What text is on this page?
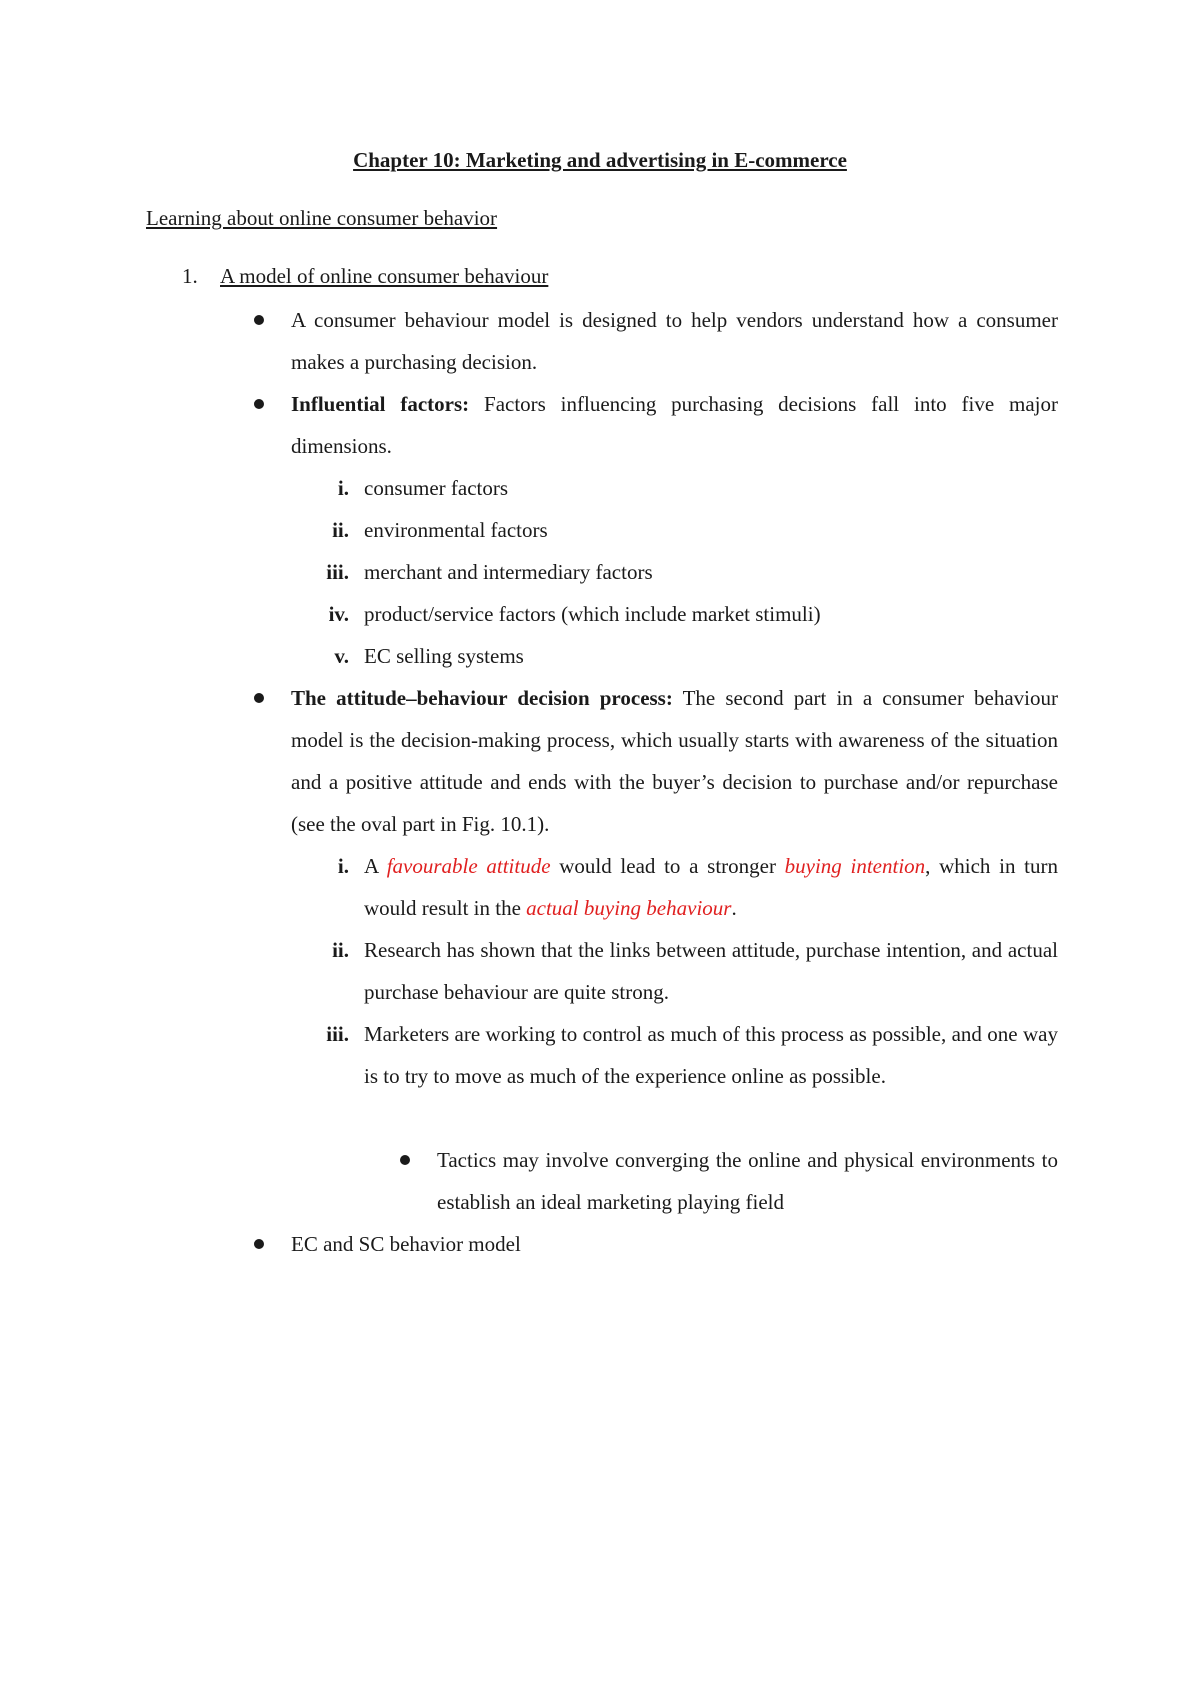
Chapter 10: Marketing and advertising in E-commerce
Learning about online consumer behavior
1. A model of online consumer behaviour
A consumer behaviour model is designed to help vendors understand how a consumer makes a purchasing decision.
Influential factors: Factors influencing purchasing decisions fall into five major dimensions.
i. consumer factors
ii. environmental factors
iii. merchant and intermediary factors
iv. product/service factors (which include market stimuli)
v. EC selling systems
The attitude–behaviour decision process: The second part in a consumer behaviour model is the decision-making process, which usually starts with awareness of the situation and a positive attitude and ends with the buyer’s decision to purchase and/or repurchase (see the oval part in Fig. 10.1).
i. A favourable attitude would lead to a stronger buying intention, which in turn would result in the actual buying behaviour.
ii. Research has shown that the links between attitude, purchase intention, and actual purchase behaviour are quite strong.
iii. Marketers are working to control as much of this process as possible, and one way is to try to move as much of the experience online as possible.
Tactics may involve converging the online and physical environments to establish an ideal marketing playing field
EC and SC behavior model
